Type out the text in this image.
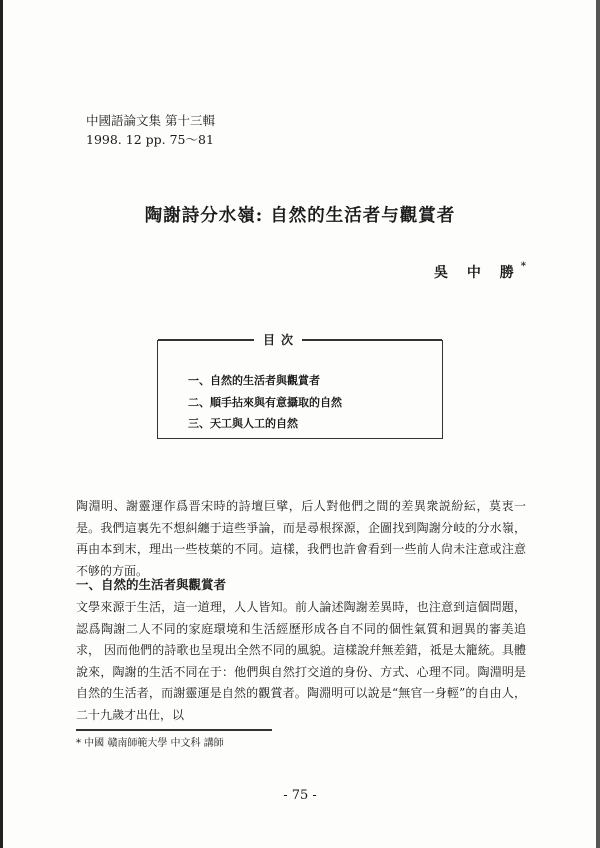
中國語論文集 第十三輯
1998. 12 pp. 75～81
陶謝詩分水嶺: 自然的生活者与觀賞者
吳 中 勝*
目次
一、自然的生活者與觀賞者
二、順手拈來與有意攝取的自然
三、天工與人工的自然

陶淵明、謝靈運作爲晋宋時的詩壇巨擘，后人對他們之間的差異衆説紛紜，莫衷一是。我們這裏先不想糾纏于這些爭論，而是尋根探源，企圖找到陶謝分岐的分水嶺，再由本到末，理出一些枝葉的不同。這樣，我們也許會看到一些前人尙未注意或注意不够的方面。

一、自然的生活者與觀賞者

文學來源于生活，這一道理，人人皆知。前人論述陶謝差異時，也注意到這個問題，認爲陶謝二人不同的家庭環境和生活經歷形成各自不同的個性氣質和迥異的審美追求， 因而他們的詩歌也呈現出全然不同的風貌。這樣說幷無差錯，祗是太籠統。具體說來，陶謝的生活不同在于：他們與自然打交道的身份、方式、心理不同。陶淵明是自然的生活者，而謝靈運是自然的觀賞者。陶淵明可以說是“無官一身輕”的自由人，二十九歲才出仕，以

* 中國 贛南師範大學 中文科 講師
- 75 -
